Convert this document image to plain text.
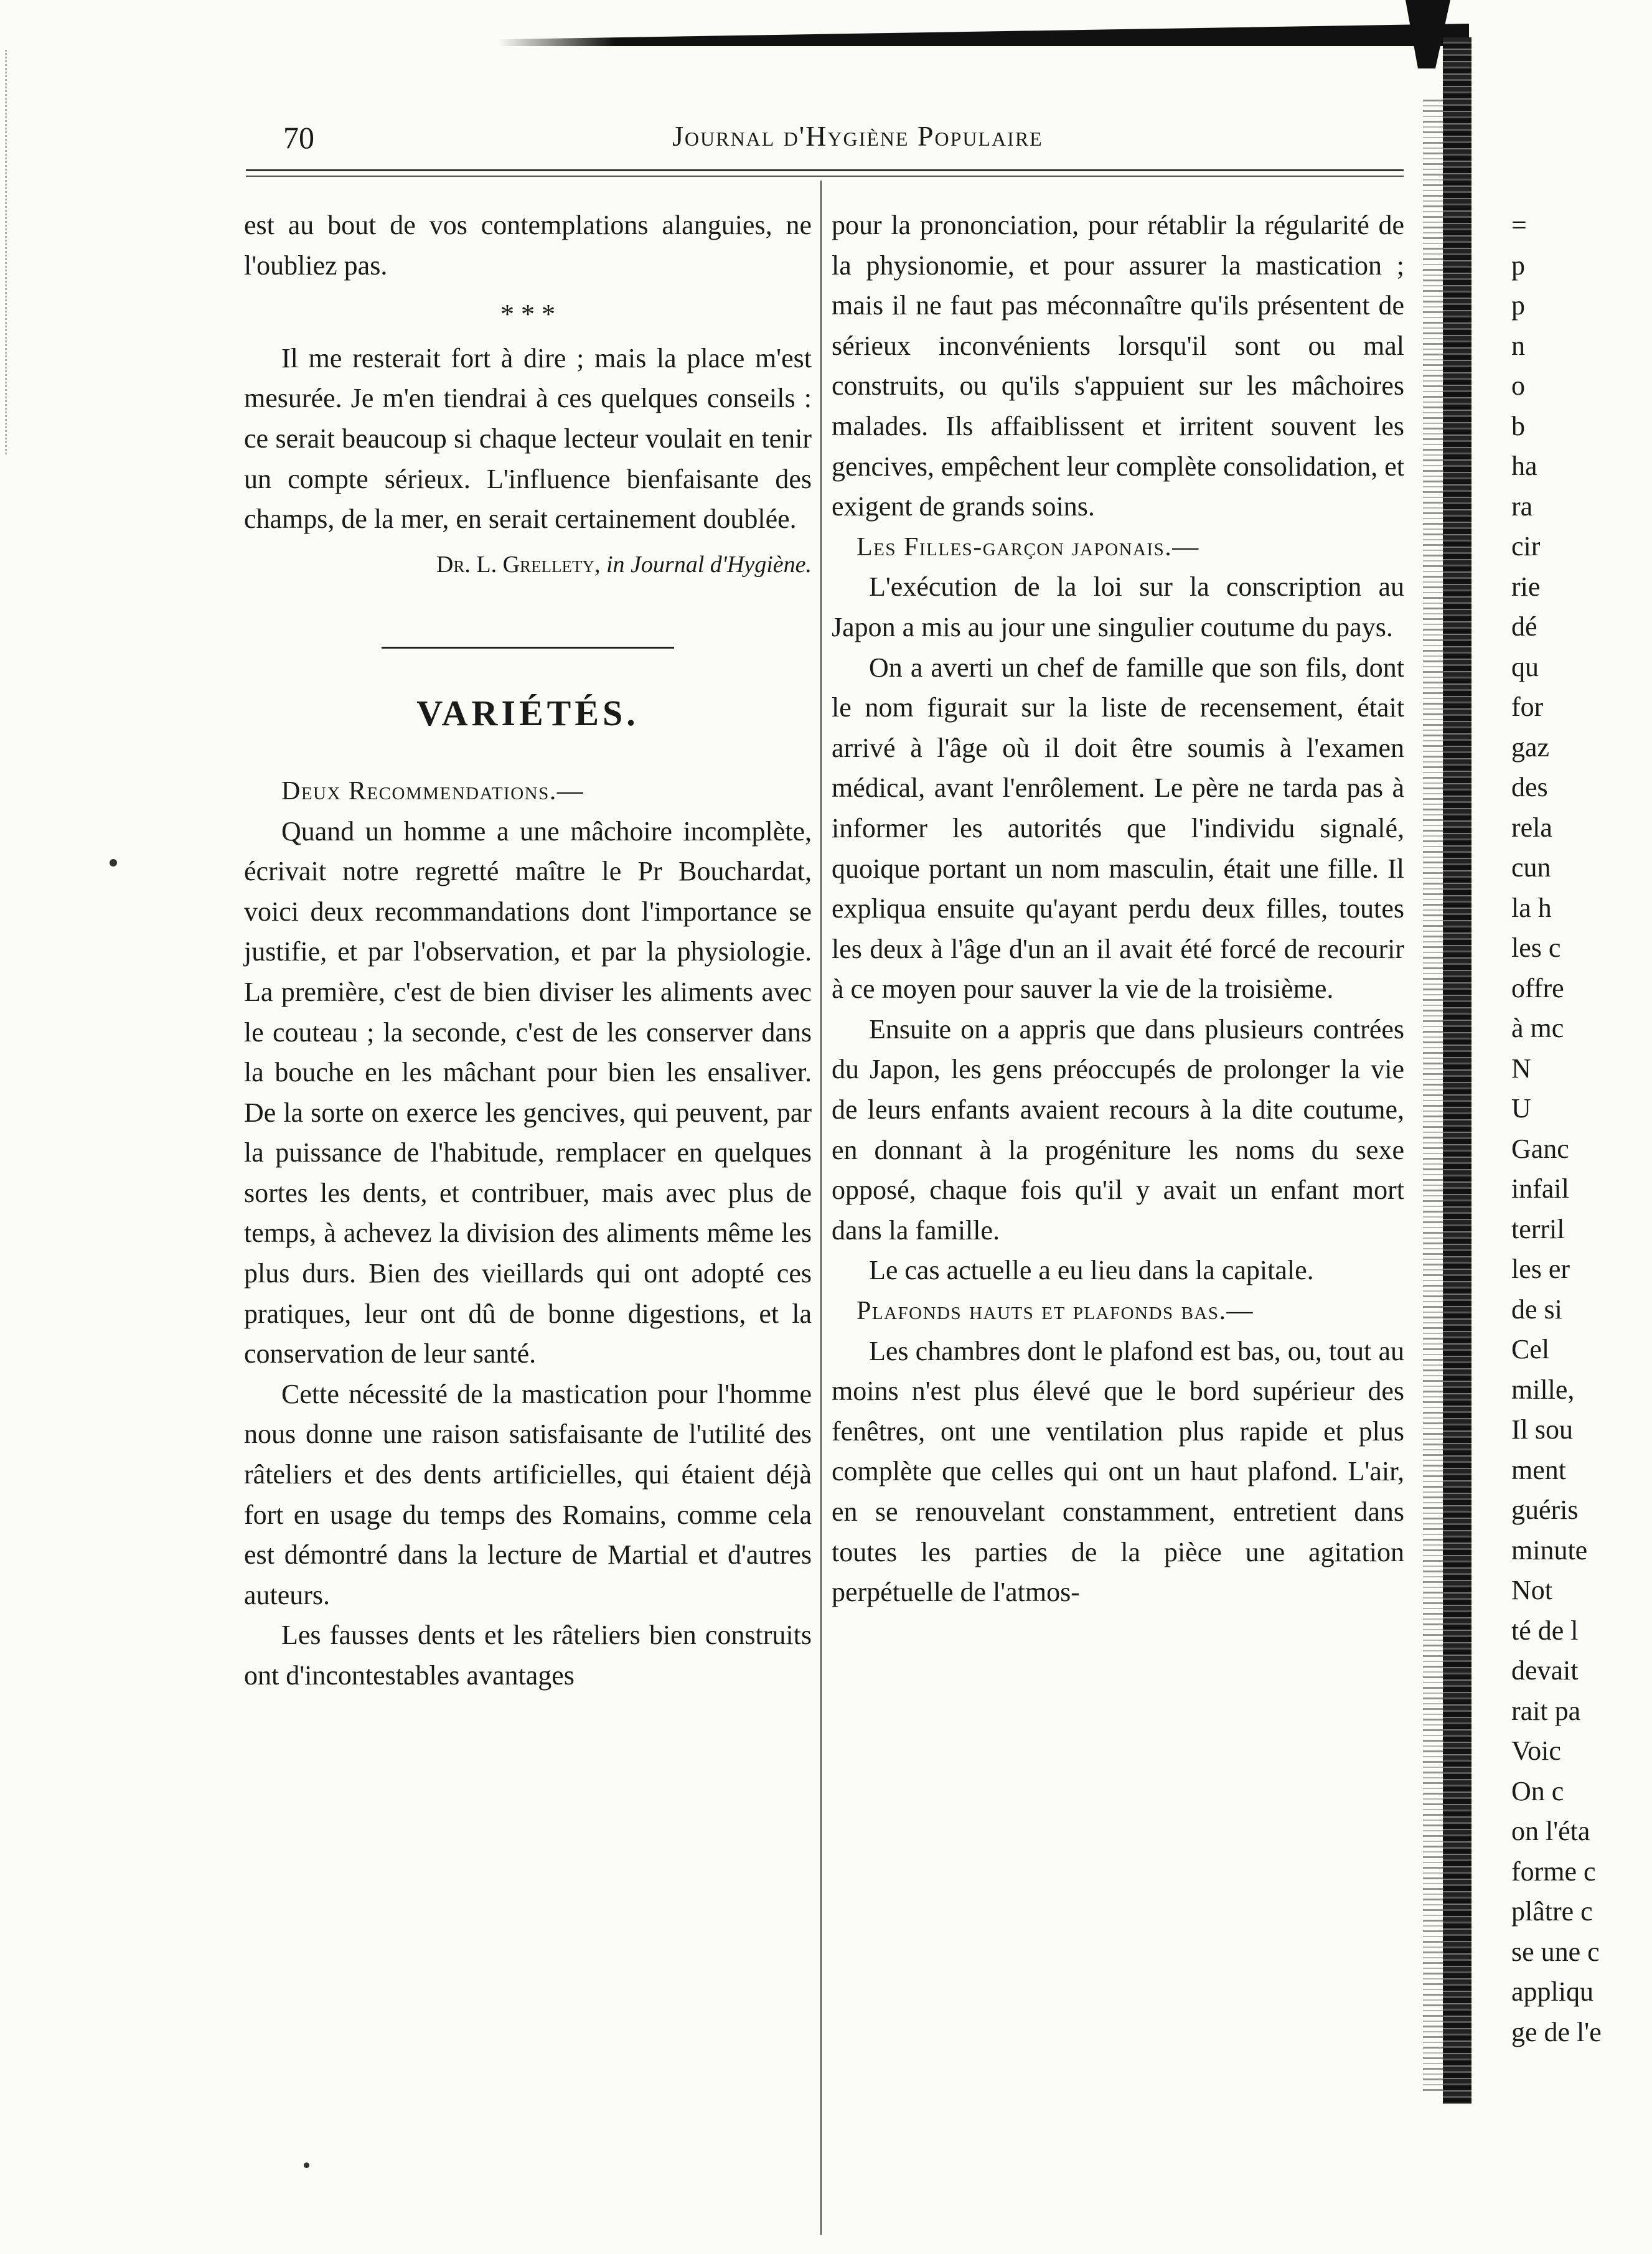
70	Journal d'Hygiène Populaire

est au bout de vos contemplations alanguies, ne l'oubliez pas.

* * *

Il me resterait fort à dire ; mais la place m'est mesurée. Je m'en tiendrai à ces quelques conseils : ce serait beaucoup si chaque lecteur voulait en tenir un compte sérieux. L'influence bienfaisante des champs, de la mer, en serait certainement doublée.

Dr. L. Grellety, in Journal d'Hygiène.
VARIÉTÉS.

Deux Recommendations.—

Quand un homme a une mâchoire incomplète, écrivait notre regretté maître le Pr Bouchardat, voici deux recommandations dont l'importance se justifie, et par l'observation, et par la physiologie. La première, c'est de bien diviser les aliments avec le couteau ; la seconde, c'est de les conserver dans la bouche en les mâchant pour bien les ensaliver. De la sorte on exerce les gencives, qui peuvent, par la puissance de l'habitude, remplacer en quelques sortes les dents, et contribuer, mais avec plus de temps, à achevez la division des aliments même les plus durs. Bien des vieillards qui ont adopté ces pratiques, leur ont dû de bonne digestions, et la conservation de leur santé.

Cette nécessité de la mastication pour l'homme nous donne une raison satisfaisante de l'utilité des râteliers et des dents artificielles, qui étaient déjà fort en usage du temps des Romains, comme cela est démontré dans la lecture de Martial et d'autres auteurs.

Les fausses dents et les râteliers bien construits ont d'incontestables avantages

pour la prononciation, pour rétablir la régularité de la physionomie, et pour assurer la mastication ; mais il ne faut pas méconnaître qu'ils présentent de sérieux inconvénients lorsqu'il sont ou mal construits, ou qu'ils s'appuient sur les mâchoires malades. Ils affaiblissent et irritent souvent les gencives, empêchent leur complète consolidation, et exigent de grands soins.

Les Filles-garçon japonais.—

L'exécution de la loi sur la conscription au Japon a mis au jour une singulier coutume du pays.

On a averti un chef de famille que son fils, dont le nom figurait sur la liste de recensement, était arrivé à l'âge où il doit être soumis à l'examen médical, avant l'enrôlement. Le père ne tarda pas à informer les autorités que l'individu signalé, quoique portant un nom masculin, était une fille. Il expliqua ensuite qu'ayant perdu deux filles, toutes les deux à l'âge d'un an il avait été forcé de recourir à ce moyen pour sauver la vie de la troisième.

Ensuite on a appris que dans plusieurs contrées du Japon, les gens préoccupés de prolonger la vie de leurs enfants avaient recours à la dite coutume, en donnant à la progéniture les noms du sexe opposé, chaque fois qu'il y avait un enfant mort dans la famille.

Le cas actuelle a eu lieu dans la capitale.

Plafonds hauts et plafonds bas.—

Les chambres dont le plafond est bas, ou, tout au moins n'est plus élevé que le bord supérieur des fenêtres, ont une ventilation plus rapide et plus complète que celles qui ont un haut plafond. L'air, en se renouvelant constamment, entretient dans toutes les parties de la pièce une agitation perpétuelle de l'atmos-

=
p
p
n
o
b
ha
ra
cir
rie
dé
qu
for
gaz
des
rela
cun
la h
les c
offre
à mc
N
U
Ganc
infail
terril
les er
de si
Cel
mille,
Il sou
ment
guéris
minute
Not
té de l
devait
rait pa
Voic
On c
on l'éta
forme c
plâtre c
se une c
appliqu
ge de l'e
